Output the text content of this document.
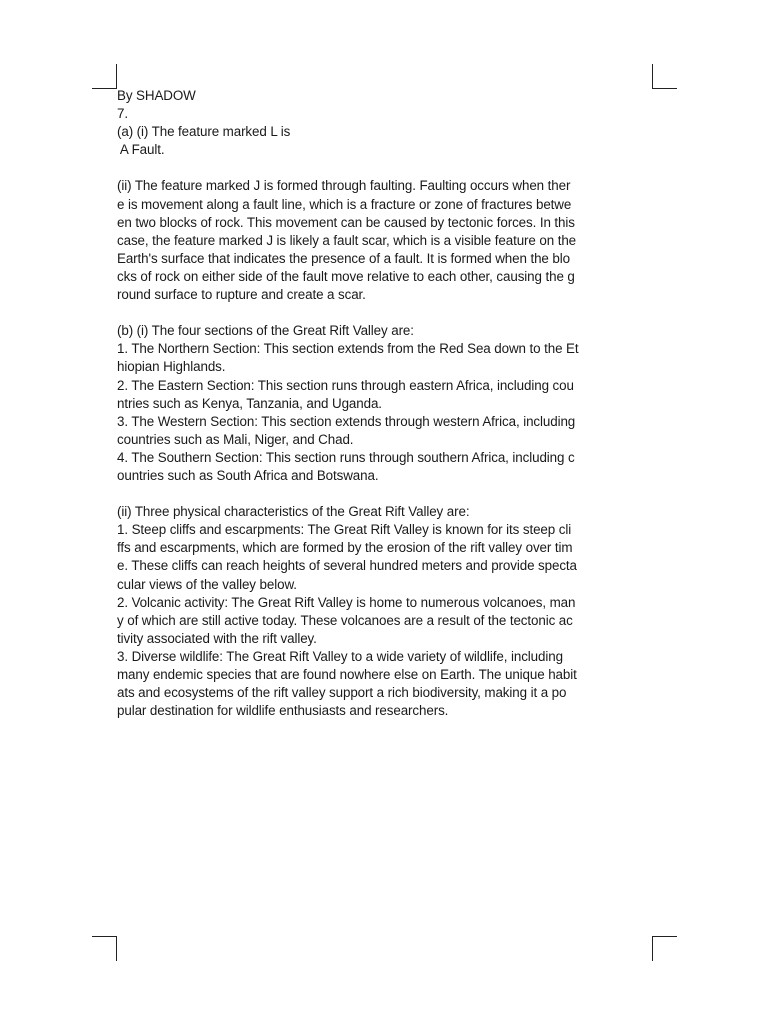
By SHADOW
7.
(a) (i) The feature marked L is
A Fault.
(ii) The feature marked J is formed through faulting. Faulting occurs when ther
e is movement along a fault line, which is a fracture or zone of fractures betwe
en two blocks of rock. This movement can be caused by tectonic forces. In this
case, the feature marked J is likely a fault scar, which is a visible feature on the
Earth's surface that indicates the presence of a fault. It is formed when the blo
cks of rock on either side of the fault move relative to each other, causing the g
round surface to rupture and create a scar.
(b) (i) The four sections of the Great Rift Valley are:
1. The Northern Section: This section extends from the Red Sea down to the Et
hiopian Highlands.
2. The Eastern Section: This section runs through eastern Africa, including cou
ntries such as Kenya, Tanzania, and Uganda.
3. The Western Section: This section extends through western Africa, including
countries such as Mali, Niger, and Chad.
4. The Southern Section: This section runs through southern Africa, including c
ountries such as South Africa and Botswana.
(ii) Three physical characteristics of the Great Rift Valley are:
1. Steep cliffs and escarpments: The Great Rift Valley is known for its steep cli
ffs and escarpments, which are formed by the erosion of the rift valley over tim
e. These cliffs can reach heights of several hundred meters and provide specta
cular views of the valley below.
2. Volcanic activity: The Great Rift Valley is home to numerous volcanoes, man
y of which are still active today. These volcanoes are a result of the tectonic ac
tivity associated with the rift valley.
3. Diverse wildlife: The Great Rift Valley to a wide variety of wildlife, including
many endemic species that are found nowhere else on Earth. The unique habit
ats and ecosystems of the rift valley support a rich biodiversity, making it a po
pular destination for wildlife enthusiasts and researchers.
